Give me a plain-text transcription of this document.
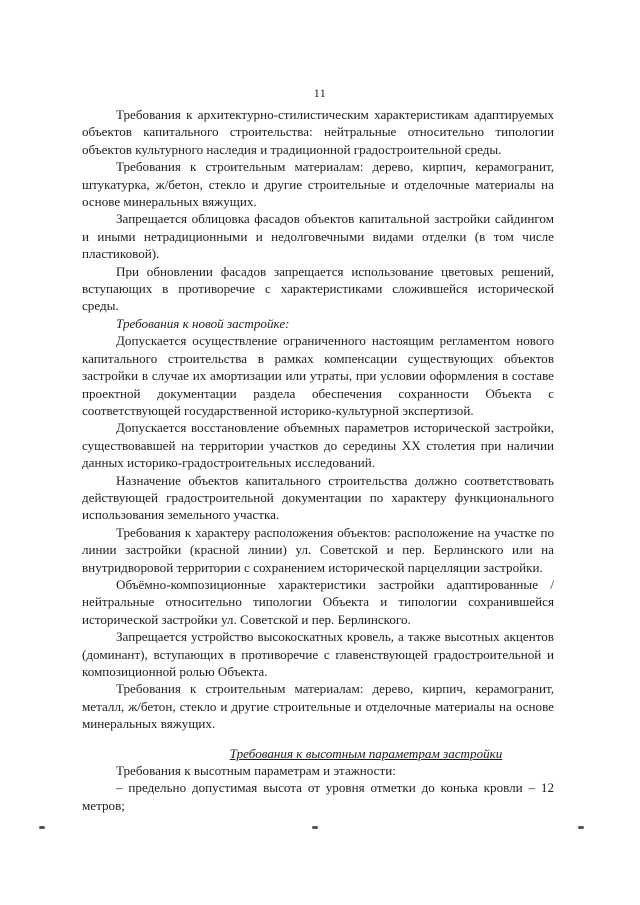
11

Требования к архитектурно-стилистическим характеристикам адаптируемых объектов капитального строительства: нейтральные относительно типологии объектов культурного наследия и традиционной градостроительной среды.

Требования к строительным материалам: дерево, кирпич, керамогранит, штукатурка, ж/бетон, стекло и другие строительные и отделочные материалы на основе минеральных вяжущих.

Запрещается облицовка фасадов объектов капитальной застройки сайдингом и иными нетрадиционными и недолговечными видами отделки (в том числе пластиковой).

При обновлении фасадов запрещается использование цветовых решений, вступающих в противоречие с характеристиками сложившейся исторической среды.

Требования к новой застройке:

Допускается осуществление ограниченного настоящим регламентом нового капитального строительства в рамках компенсации существующих объектов застройки в случае их амортизации или утраты, при условии оформления в составе проектной документации раздела обеспечения сохранности Объекта с соответствующей государственной историко-культурной экспертизой.

Допускается восстановление объемных параметров исторической застройки, существовавшей на территории участков до середины XX столетия при наличии данных историко-градостроительных исследований.

Назначение объектов капитального строительства должно соответствовать действующей градостроительной документации по характеру функционального использования земельного участка.

Требования к характеру расположения объектов: расположение на участке по линии застройки (красной линии) ул. Советской и пер. Берлинского или на внутридворовой территории с сохранением исторической парцелляции застройки.

Объёмно-композиционные характеристики застройки адаптированные /нейтральные относительно типологии Объекта и типологии сохранившейся исторической застройки ул. Советской и пер. Берлинского.

Запрещается устройство высокоскатных кровель, а также высотных акцентов (доминант), вступающих в противоречие с главенствующей градостроительной и композиционной ролью Объекта.

Требования к строительным материалам: дерево, кирпич, керамогранит, металл, ж/бетон, стекло и другие строительные и отделочные материалы на основе минеральных вяжущих.

Требования к высотным параметрам застройки

Требования к высотным параметрам и этажности:

– предельно допустимая высота от уровня отметки до конька кровли – 12 метров;
